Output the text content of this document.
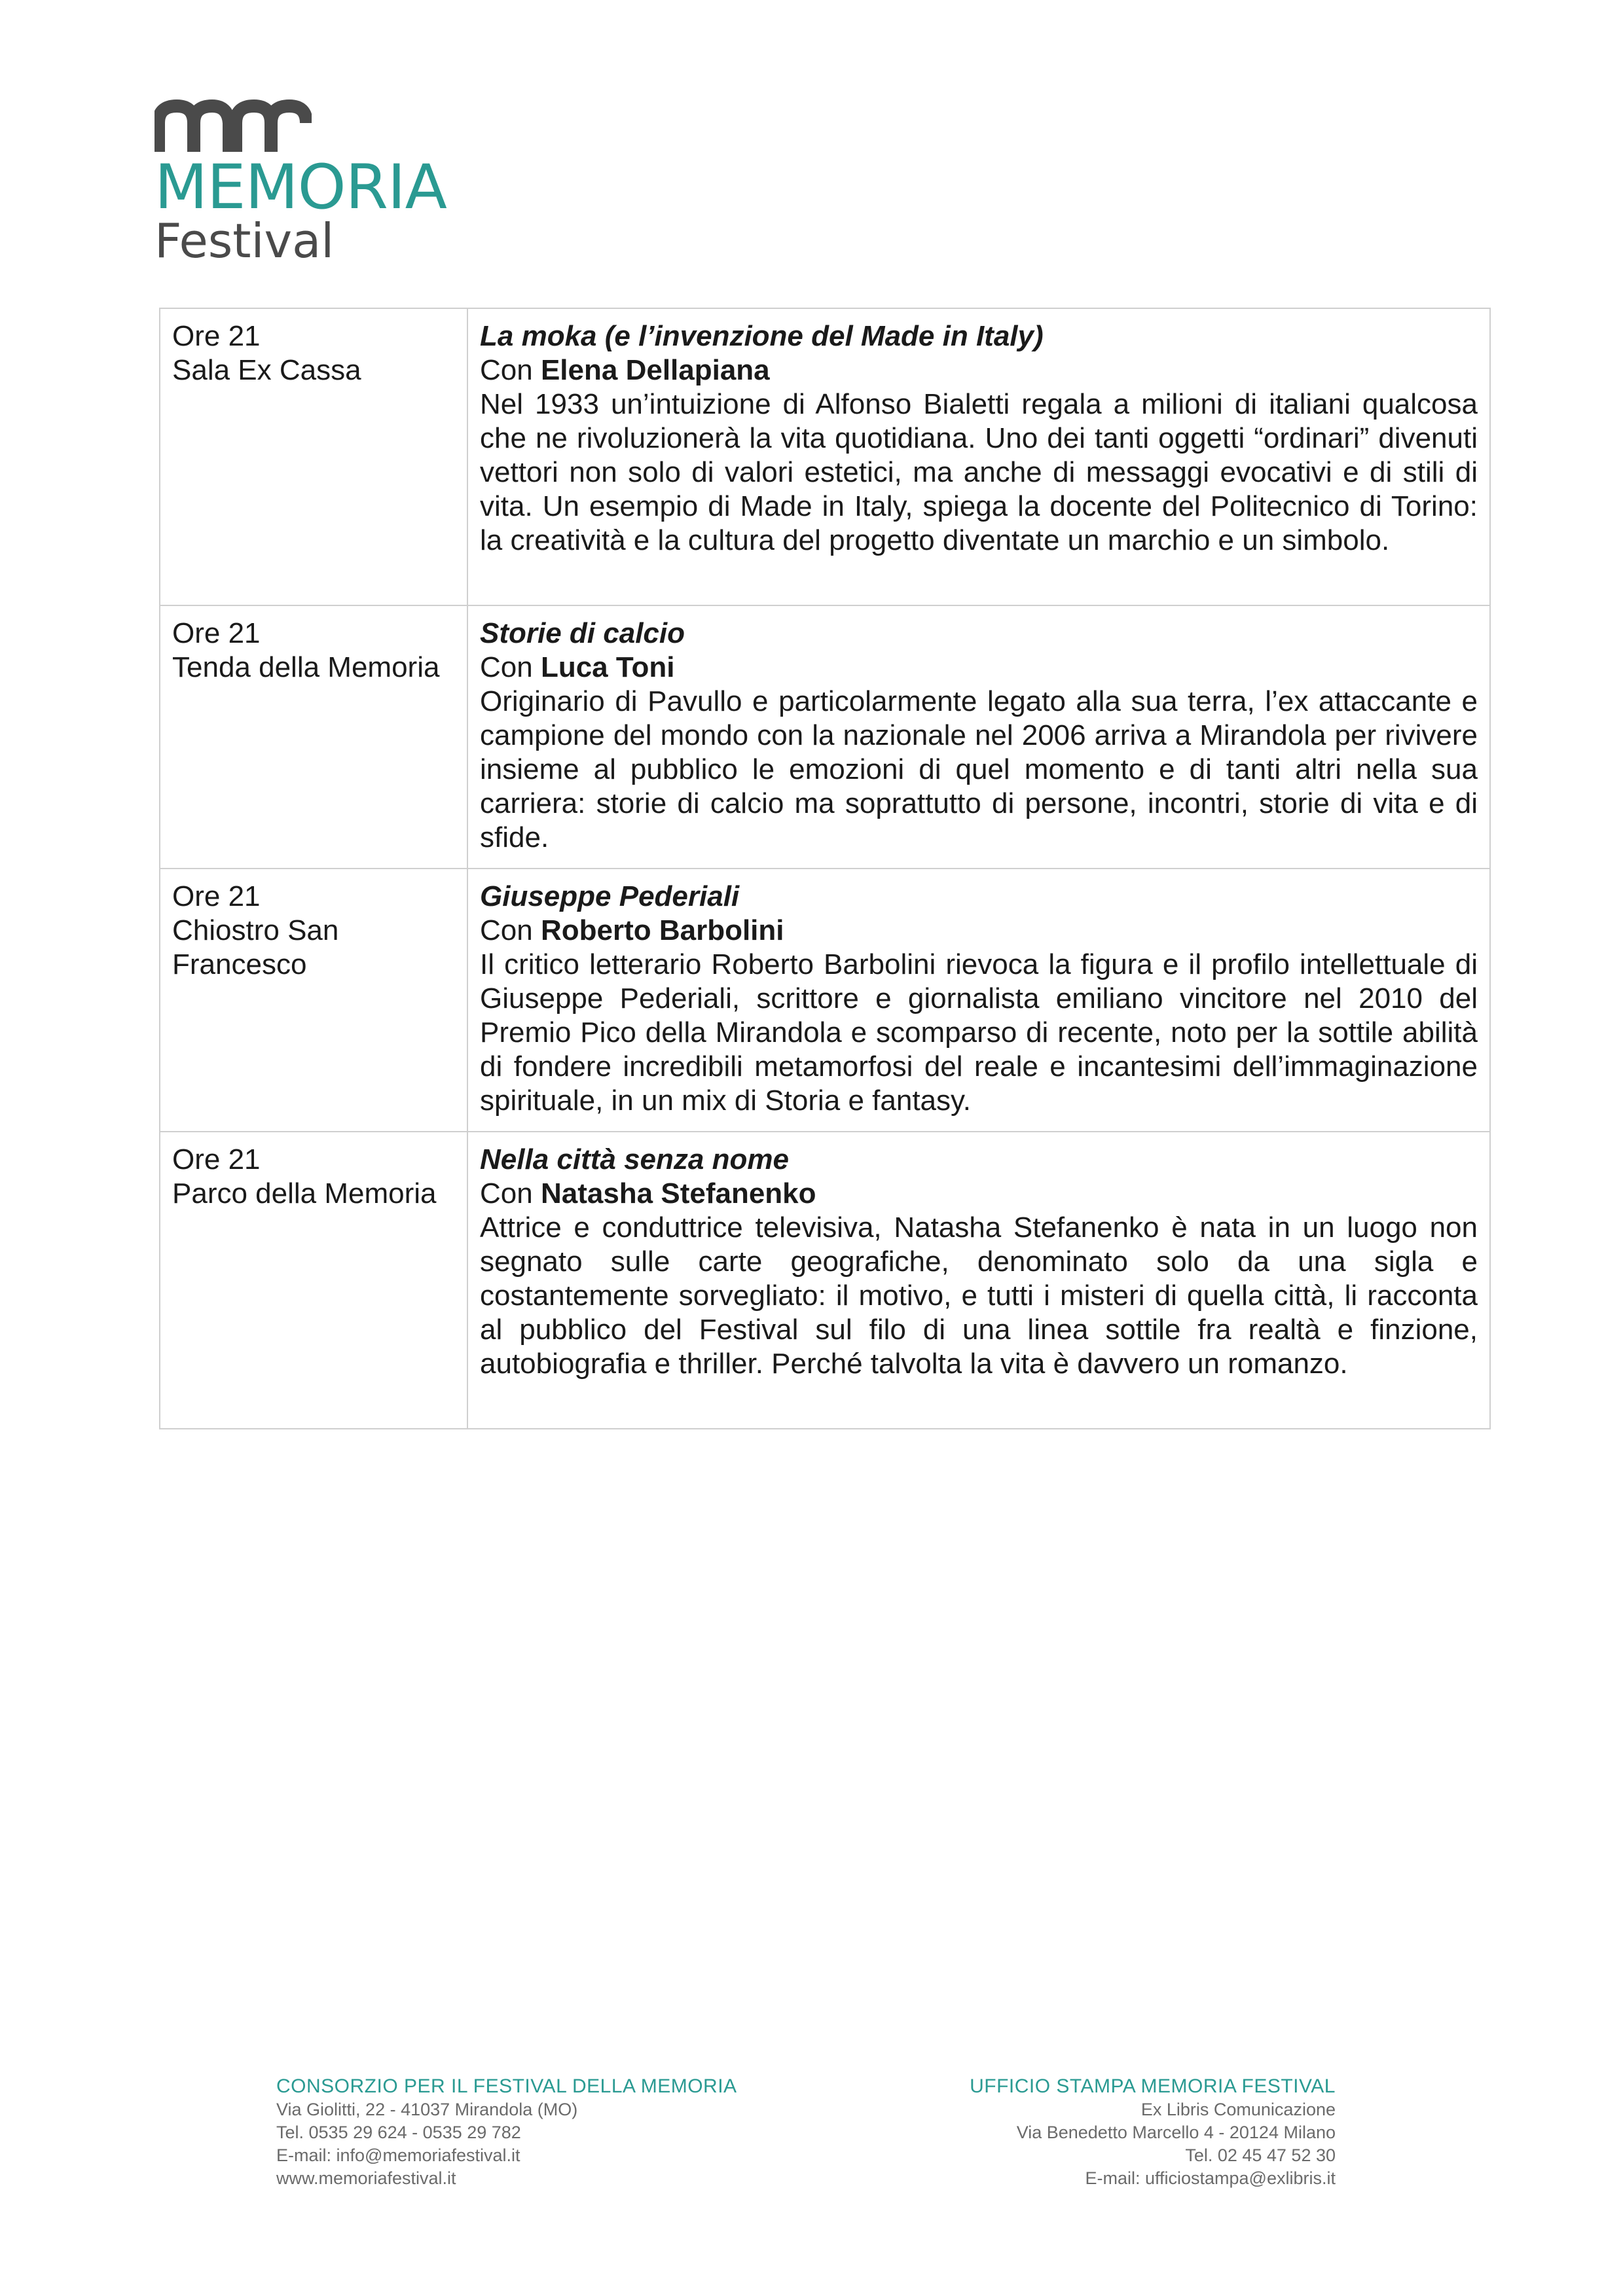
MEMORIA
Festival
Ore 21
Sala Ex Cassa	La moka (e l’invenzione del Made in Italy)
Con Elena Dellapiana
Nel 1933 un’intuizione di Alfonso Bialetti regala a milioni di italiani qualcosa che ne rivoluzionerà la vita quotidiana. Uno dei tanti oggetti “ordinari” divenuti vettori non solo di valori estetici, ma anche di messaggi evocativi e di stili di vita. Un esempio di Made in Italy, spiega la docente del Politecnico di Torino: la creatività e la cultura del progetto diventate un marchio e un simbolo.

Ore 21
Tenda della Memoria	Storie di calcio
Con Luca Toni
Originario di Pavullo e particolarmente legato alla sua terra, l’ex attaccante e campione del mondo con la nazionale nel 2006 arriva a Mirandola per rivivere insieme al pubblico le emozioni di quel momento e di tanti altri nella sua carriera: storie di calcio ma soprattutto di persone, incontri, storie di vita e di sfide.

Ore 21
Chiostro San Francesco	Giuseppe Pederiali
Con Roberto Barbolini
Il critico letterario Roberto Barbolini rievoca la figura e il profilo intellettuale di Giuseppe Pederiali, scrittore e giornalista emiliano vincitore nel 2010 del Premio Pico della Mirandola e scomparso di recente, noto per la sottile abilità di fondere incredibili metamorfosi del reale e incantesimi dell’immaginazione spirituale, in un mix di Storia e fantasy.

Ore 21
Parco della Memoria	Nella città senza nome
Con Natasha Stefanenko
Attrice e conduttrice televisiva, Natasha Stefanenko è nata in un luogo non segnato sulle carte geografiche, denominato solo da una sigla e costantemente sorvegliato: il motivo, e tutti i misteri di quella città, li racconta al pubblico del Festival sul filo di una linea sottile fra realtà e finzione, autobiografia e thriller. Perché talvolta la vita è davvero un romanzo.
CONSORZIO PER IL FESTIVAL DELLA MEMORIA
Via Giolitti, 22 - 41037 Mirandola (MO)
Tel. 0535 29 624 - 0535 29 782
E-mail: info@memoriafestival.it
www.memoriafestival.it
UFFICIO STAMPA MEMORIA FESTIVAL
Ex Libris Comunicazione
Via Benedetto Marcello 4 - 20124 Milano
Tel. 02 45 47 52 30
E-mail: ufficiostampa@exlibris.it
